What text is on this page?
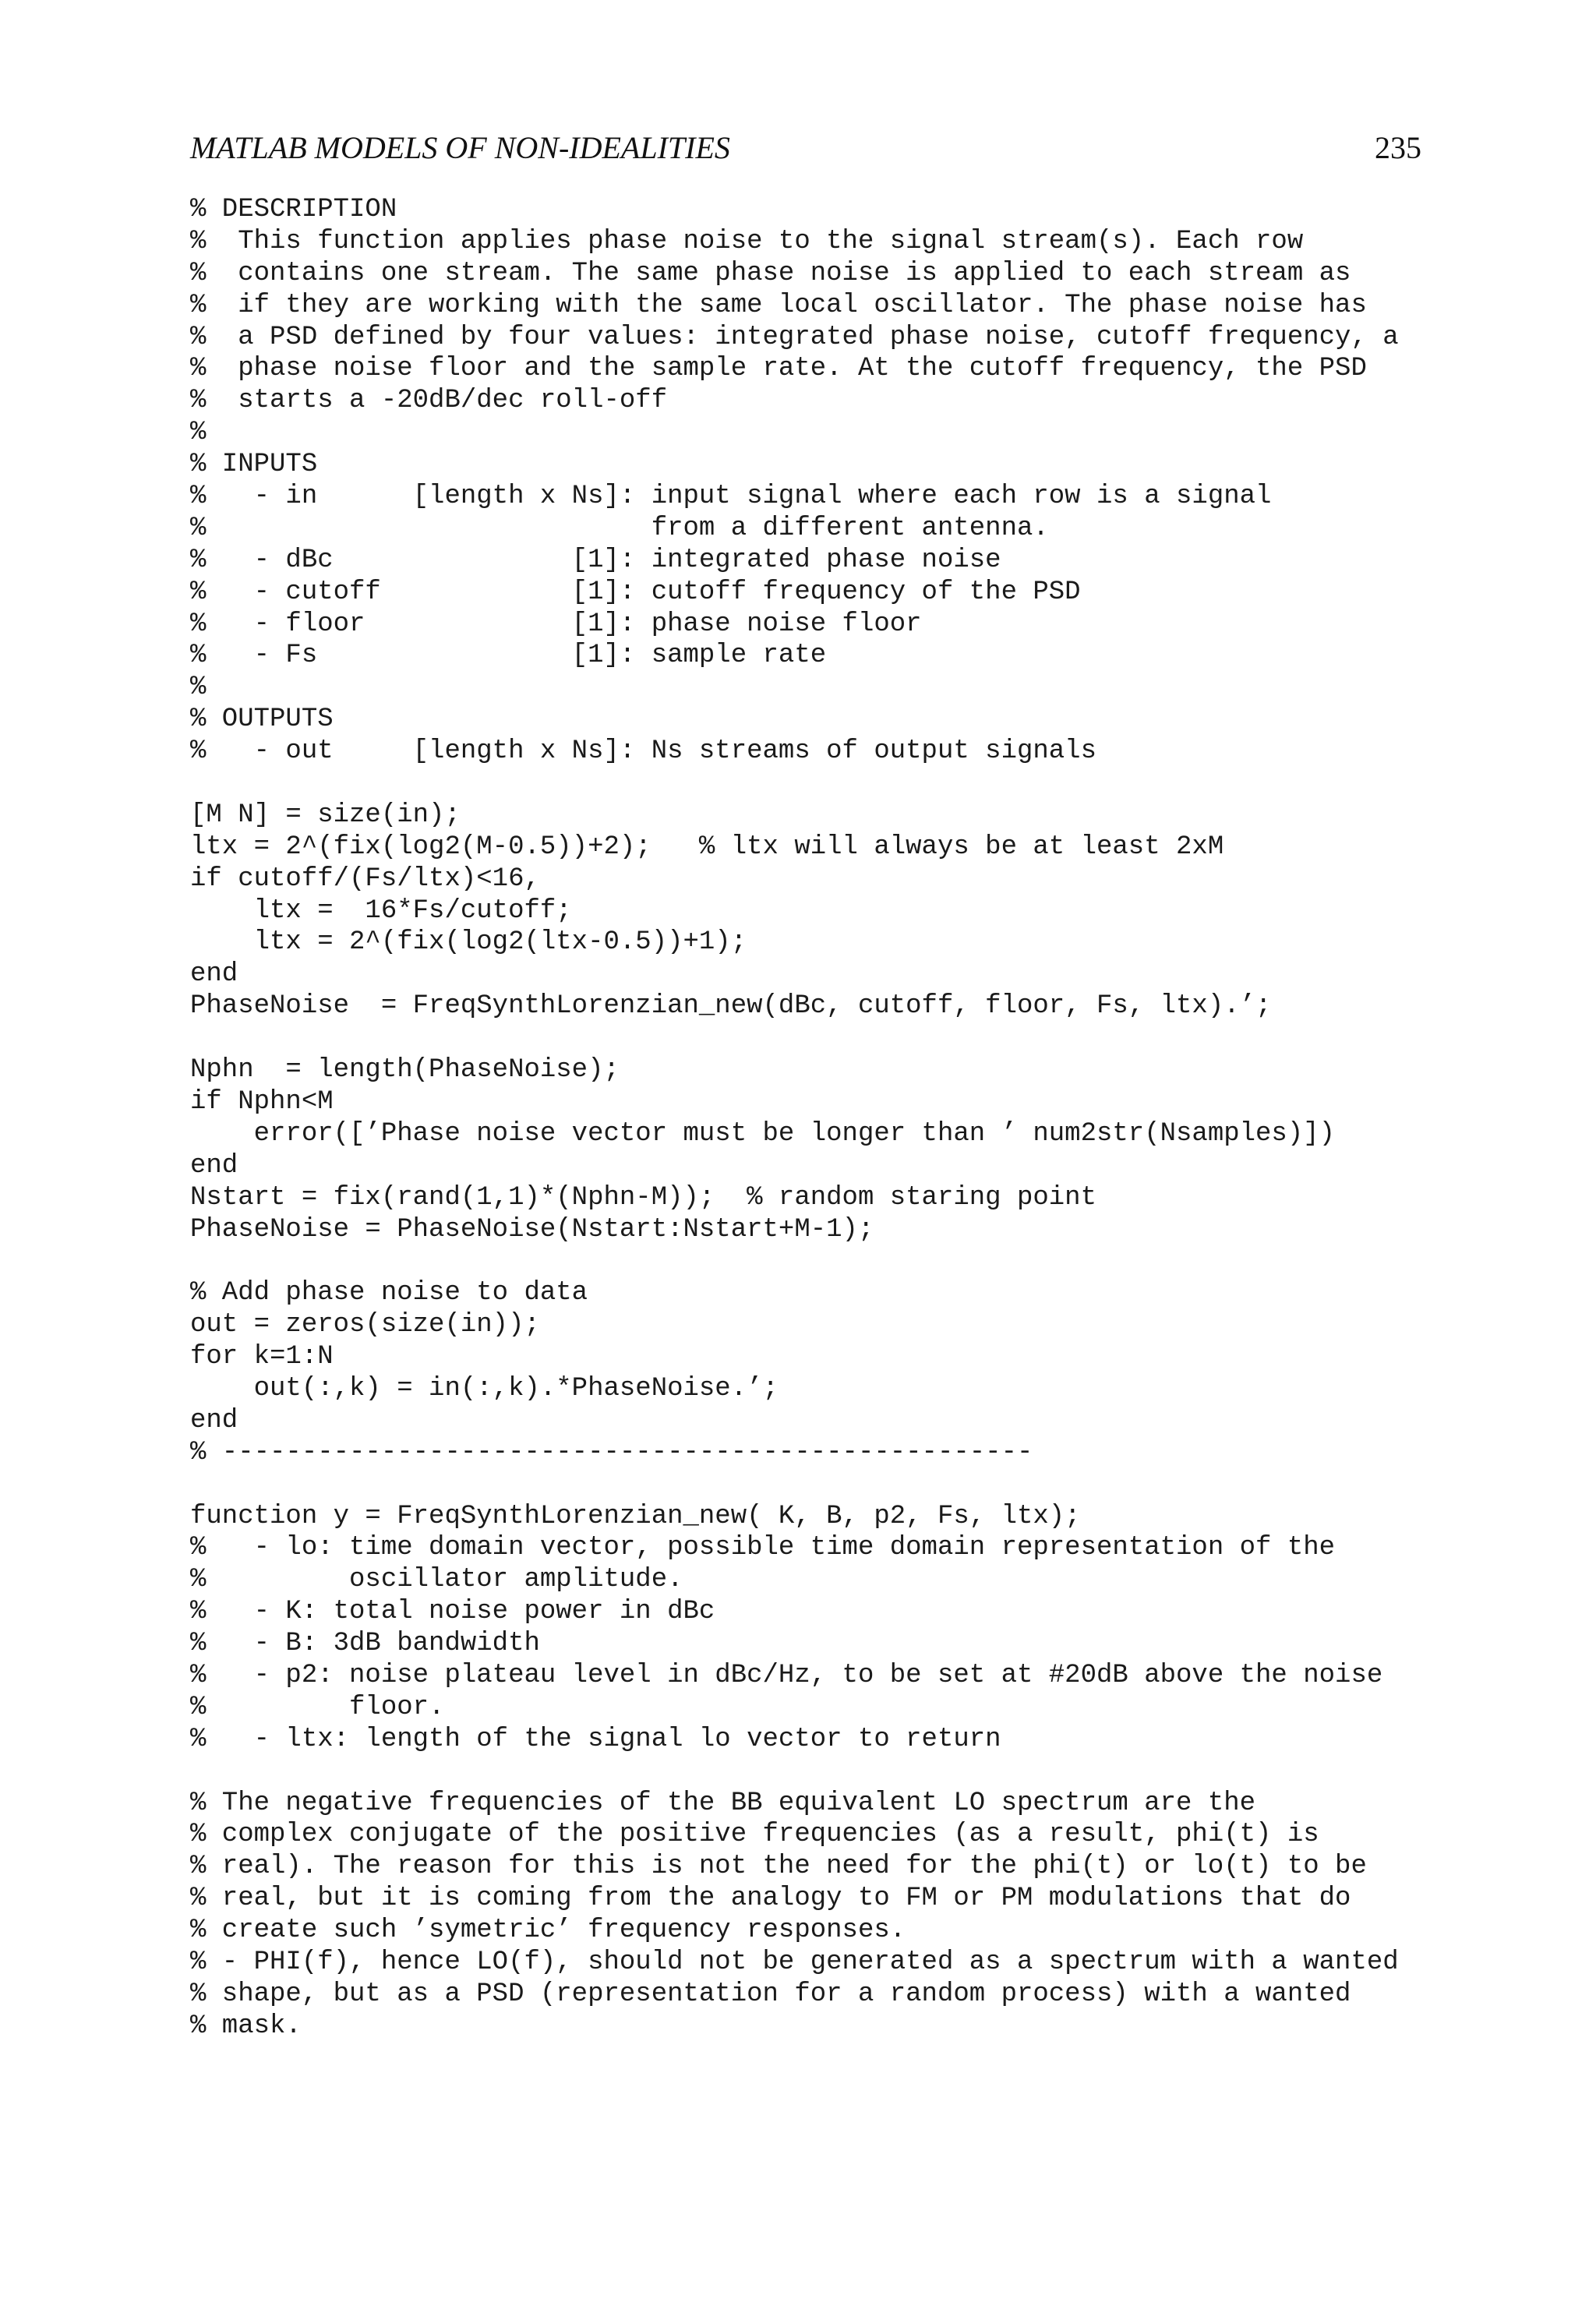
MATLAB MODELS OF NON-IDEALITIES	235
% DESCRIPTION
%  This function applies phase noise to the signal stream(s). Each row
%  contains one stream. The same phase noise is applied to each stream as
%  if they are working with the same local oscillator. The phase noise has
%  a PSD defined by four values: integrated phase noise, cutoff frequency, a
%  phase noise floor and the sample rate. At the cutoff frequency, the PSD
%  starts a -20dB/dec roll-off
%
% INPUTS
%   - in      [length x Ns]: input signal where each row is a signal
%                            from a different antenna.
%   - dBc               [1]: integrated phase noise
%   - cutoff            [1]: cutoff frequency of the PSD
%   - floor             [1]: phase noise floor
%   - Fs                [1]: sample rate
%
% OUTPUTS
%   - out     [length x Ns]: Ns streams of output signals
[M N] = size(in);
ltx = 2^(fix(log2(M-0.5))+2);   % ltx will always be at least 2xM
if cutoff/(Fs/ltx)<16,
ltx =  16*Fs/cutoff;
ltx = 2^(fix(log2(ltx-0.5))+1);
end
PhaseNoise  = FreqSynthLorenzian_new(dBc, cutoff, floor, Fs, ltx).’;
Nphn  = length(PhaseNoise);
if Nphn<M
error([’Phase noise vector must be longer than ’ num2str(Nsamples)])
end
Nstart = fix(rand(1,1)*(Nphn-M));  % random staring point
PhaseNoise = PhaseNoise(Nstart:Nstart+M-1);
% Add phase noise to data
out = zeros(size(in));
for k=1:N
out(:,k) = in(:,k).*PhaseNoise.’;
end
% ---------------------------------------------------
function y = FreqSynthLorenzian_new( K, B, p2, Fs, ltx);
%   - lo: time domain vector, possible time domain representation of the
%         oscillator amplitude.
%   - K: total noise power in dBc
%   - B: 3dB bandwidth
%   - p2: noise plateau level in dBc/Hz, to be set at #20dB above the noise
%         floor.
%   - ltx: length of the signal lo vector to return
% The negative frequencies of the BB equivalent LO spectrum are the
% complex conjugate of the positive frequencies (as a result, phi(t) is
% real). The reason for this is not the need for the phi(t) or lo(t) to be
% real, but it is coming from the analogy to FM or PM modulations that do
% create such ’symetric’ frequency responses.
% - PHI(f), hence LO(f), should not be generated as a spectrum with a wanted
% shape, but as a PSD (representation for a random process) with a wanted
% mask.
